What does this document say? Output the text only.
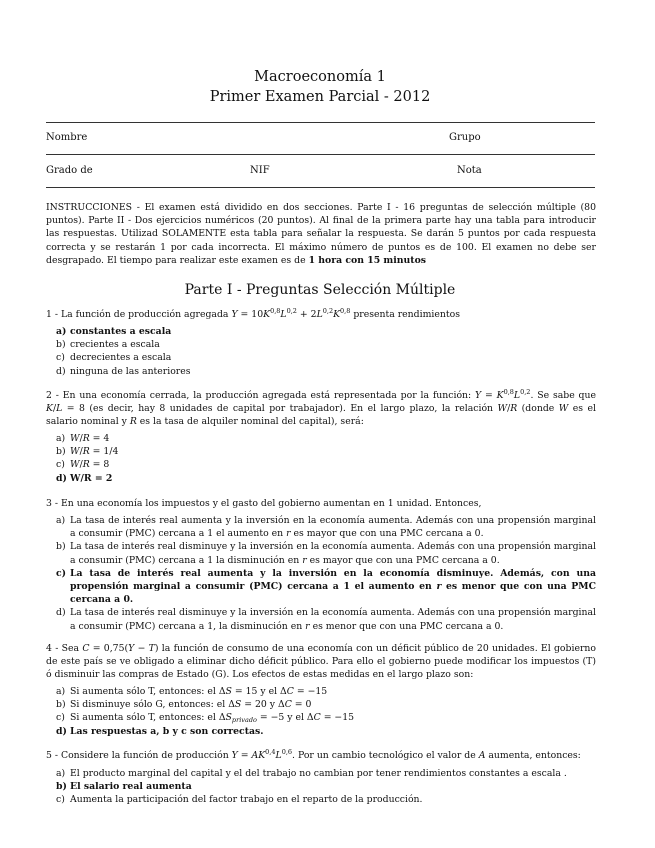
Macroeconomía 1
Primer Examen Parcial - 2012
Nombre	Grupo
Grado de	NIF	Nota
INSTRUCCIONES - El examen está dividido en dos secciones. Parte I - 16 preguntas de selección múltiple (80 puntos). Parte II - Dos ejercicios numéricos (20 puntos). Al final de la primera parte hay una tabla para introducir las respuestas. Utilizad SOLAMENTE esta tabla para señalar la respuesta. Se darán 5 puntos por cada respuesta correcta y se restarán 1 por cada incorrecta. El máximo número de puntos es de 100. El examen no debe ser desgrapado. El tiempo para realizar este examen es de 1 hora con 15 minutos
Parte I - Preguntas Selección Múltiple
1 - La función de producción agregada $Y = 10K^{0,8}L^{0,2} + 2L^{0,2}K^{0,8}$ presenta rendimientos
a) constantes a escala
b) crecientes a escala
c) decrecientes a escala
d) ninguna de las anteriores
2 - En una economía cerrada, la producción agregada está representada por la función: $Y = K^{0,8}L^{0,2}$. Se sabe que K/L = 8 (es decir, hay 8 unidades de capital por trabajador). En el largo plazo, la relación W/R (donde W es el salario nominal y R es la tasa de alquiler nominal del capital), será:
a) W/R = 4
b) W/R = 1/4
c) W/R = 8
d) W/R = 2
3 - En una economía los impuestos y el gasto del gobierno aumentan en 1 unidad. Entonces,
a) La tasa de interés real aumenta y la inversión en la economía aumenta. Además con una propensión marginal a consumir (PMC) cercana a 1 el aumento en r es mayor que con una PMC cercana a 0.
b) La tasa de interés real disminuye y la inversión en la economía aumenta. Además con una propensión marginal a consumir (PMC) cercana a 1 la disminución en r es mayor que con una PMC cercana a 0.
c) La tasa de interés real aumenta y la inversión en la economía disminuye. Además, con una propensión marginal a consumir (PMC) cercana a 1 el aumento en r es menor que con una PMC cercana a 0.
d) La tasa de interés real disminuye y la inversión en la economía aumenta. Además con una propensión marginal a consumir (PMC) cercana a 1, la disminución en r es menor que con una PMC cercana a 0.
4 - Sea C = 0,75(Y − T) la función de consumo de una economía con un déficit público de 20 unidades. El gobierno de este país se ve obligado a eliminar dicho déficit público. Para ello el gobierno puede modificar los impuestos (T) ó disminuir las compras de Estado (G). Los efectos de estas medidas en el largo plazo son:
a) Si aumenta sólo T, entonces: el ΔS = 15 y el ΔC = −15
b) Si disminuye sólo G, entonces: el ΔS = 20 y ΔC = 0
c) Si aumenta sólo T, entonces: el $\Delta S_{privado} = -5$ y el ΔC = −15
d) Las respuestas a, b y c son correctas.
5 - Considere la función de producción $Y = AK^{0,4}L^{0,6}$. Por un cambio tecnológico el valor de A aumenta, entonces:
a) El producto marginal del capital y el del trabajo no cambian por tener rendimientos constantes a escala .
b) El salario real aumenta
c) Aumenta la participación del factor trabajo en el reparto de la producción.
